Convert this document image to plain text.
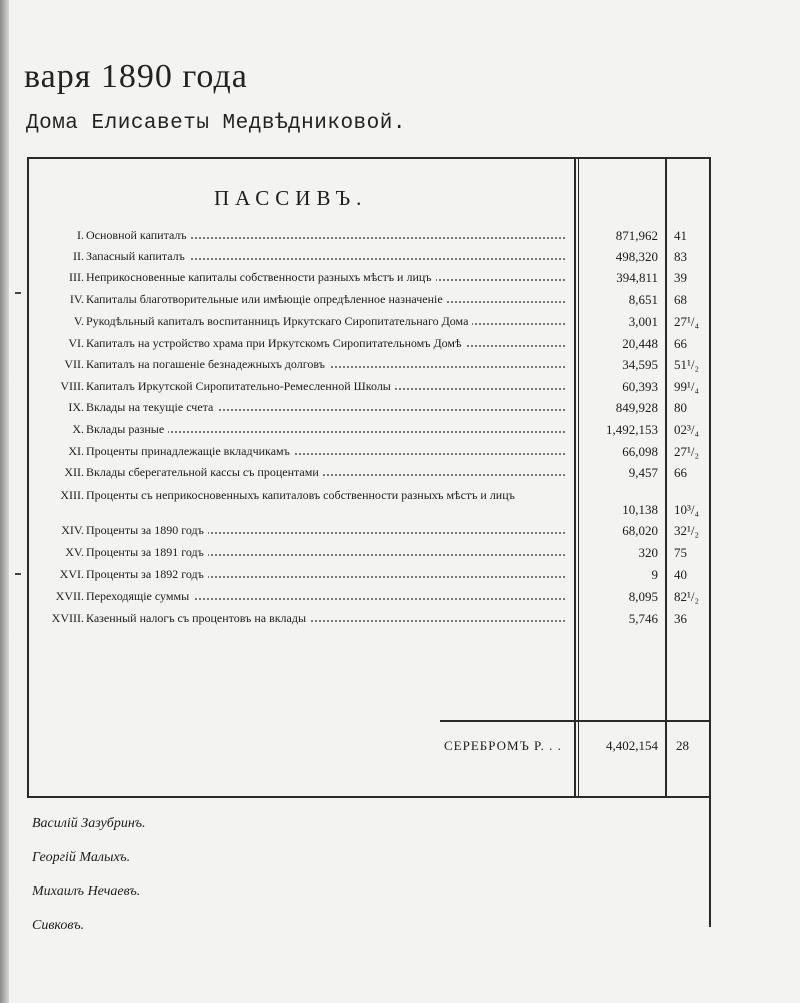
варя 1890 года
Дома Елисаветы Медвѣдниковой.
ПАССИВЪ.
I. Основной капиталъ	871,962 41
II. Запасный капиталъ	498,320 83
III. Неприкосновенные капиталы собственности разныхъ мѣстъ и лицъ	394,811 39
IV. Капиталы благотворительные или имѣющіе опредѣленное назначеніе	8,651 68
V. Рукодѣльный капиталъ воспитанницъ Иркутскаго Сиропитательнаго Дома	3,001 27¹/₄
VI. Капиталъ на устройство храма при Иркутскомъ Сиропитательномъ Домѣ	20,448 66
VII. Капиталъ на погашеніе безнадежныхъ долговъ	34,595 51¹/₂
VIII. Капиталъ Иркутской Сиропитательно-Ремесленной Школы	60,393 99¹/₄
IX. Вклады на текущіе счета	849,928 80
X. Вклады разные	1,492,153 02³/₄
XI. Проценты принадлежащіе вкладчикамъ	66,098 27¹/₂
XII. Вклады сберегательной кассы съ процентами	9,457 66
XIII. Проценты съ неприкосновенныхъ капиталовъ собственности разныхъ мѣстъ и лицъ
10,138 10³/₄
XIV. Проценты за 1890 годъ	68,020 32¹/₂
XV. Проценты за 1891 годъ	320 75
XVI. Проценты за 1892 годъ	9 40
XVII. Переходящіе суммы	8,095 82¹/₂
XVIII. Казенный налогъ съ процентовъ на вклады	5,746 36
СЕРЕБРОМЪ Р. . .	4,402,154 28
Василій Зазубринъ.
Георгій Малыхъ.
Михаилъ Нечаевъ.
Сивковъ.
